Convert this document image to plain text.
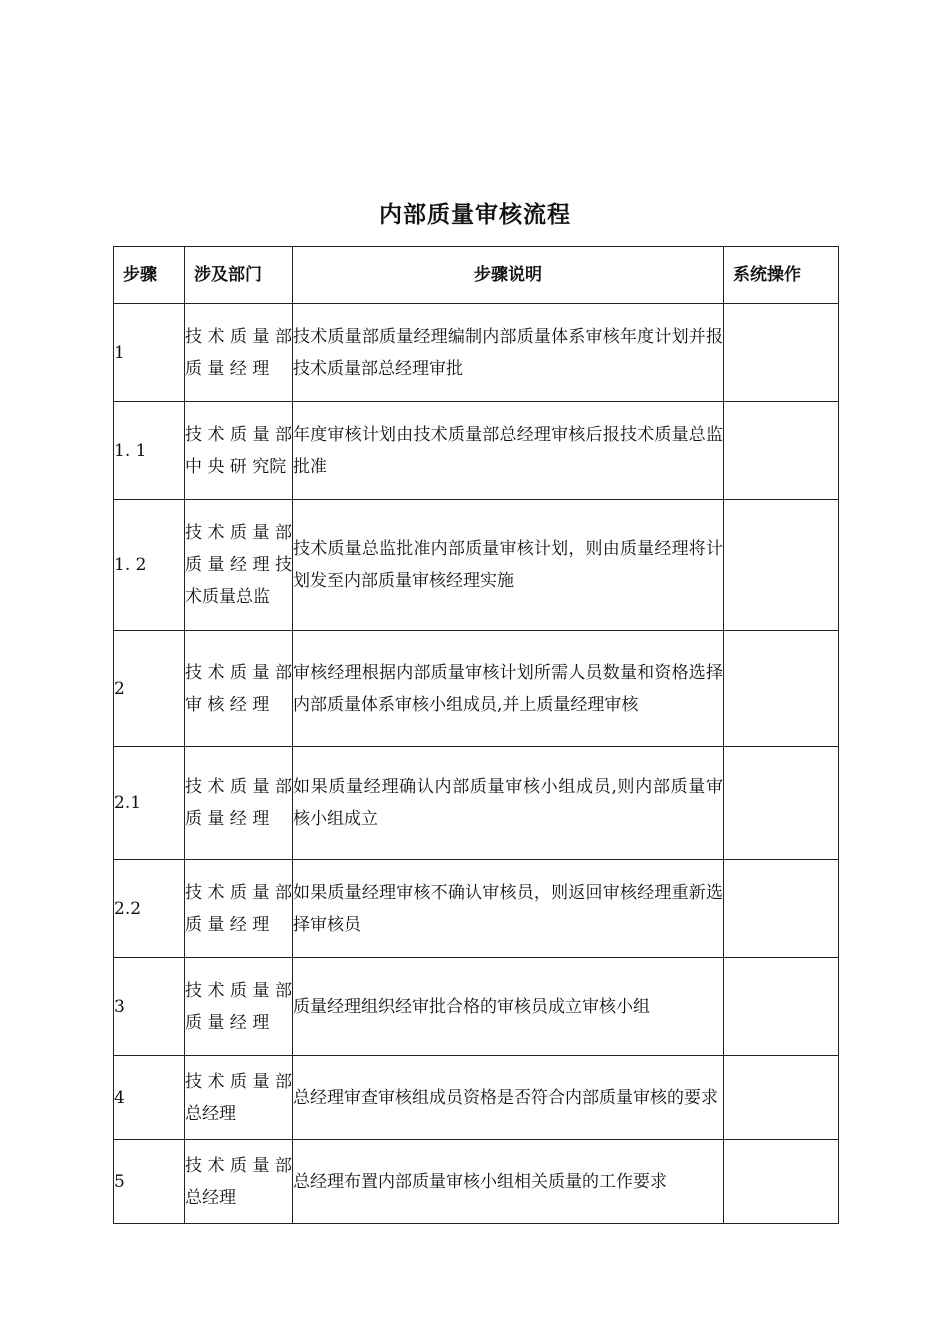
内部质量审核流程
步骤	涉及部门	步骤说明	系统操作
1	技 术 质 量 部 质 量 经 理	技术质量部质量经理编制内部质量体系审核年度计划并报技术质量部总经理审批	
1. 1	技 术 质 量 部 中 央 研 究院	年度审核计划由技术质量部总经理审核后报技术质量总监批准	
1. 2	技 术 质 量 部 质 量 经 理 技术质量总监	技术质量总监批准内部质量审核计划，则由质量经理将计划发至内部质量审核经理实施	
2	技 术 质 量 部 审 核 经 理	审核经理根据内部质量审核计划所需人员数量和资格选择内部质量体系审核小组成员,并上质量经理审核	
2.1	技 术 质 量 部 质 量 经 理	如果质量经理确认内部质量审核小组成员,则内部质量审核小组成立	
2.2	技 术 质 量 部 质 量 经 理	如果质量经理审核不确认审核员，则返回审核经理重新选择审核员	
3	技 术 质 量 部 质 量 经 理	质量经理组织经审批合格的审核员成立审核小组	
4	技 术 质 量 部总经理	总经理审查审核组成员资格是否符合内部质量审核的要求	
5	技 术 质 量 部总经理	总经理布置内部质量审核小组相关质量的工作要求	
